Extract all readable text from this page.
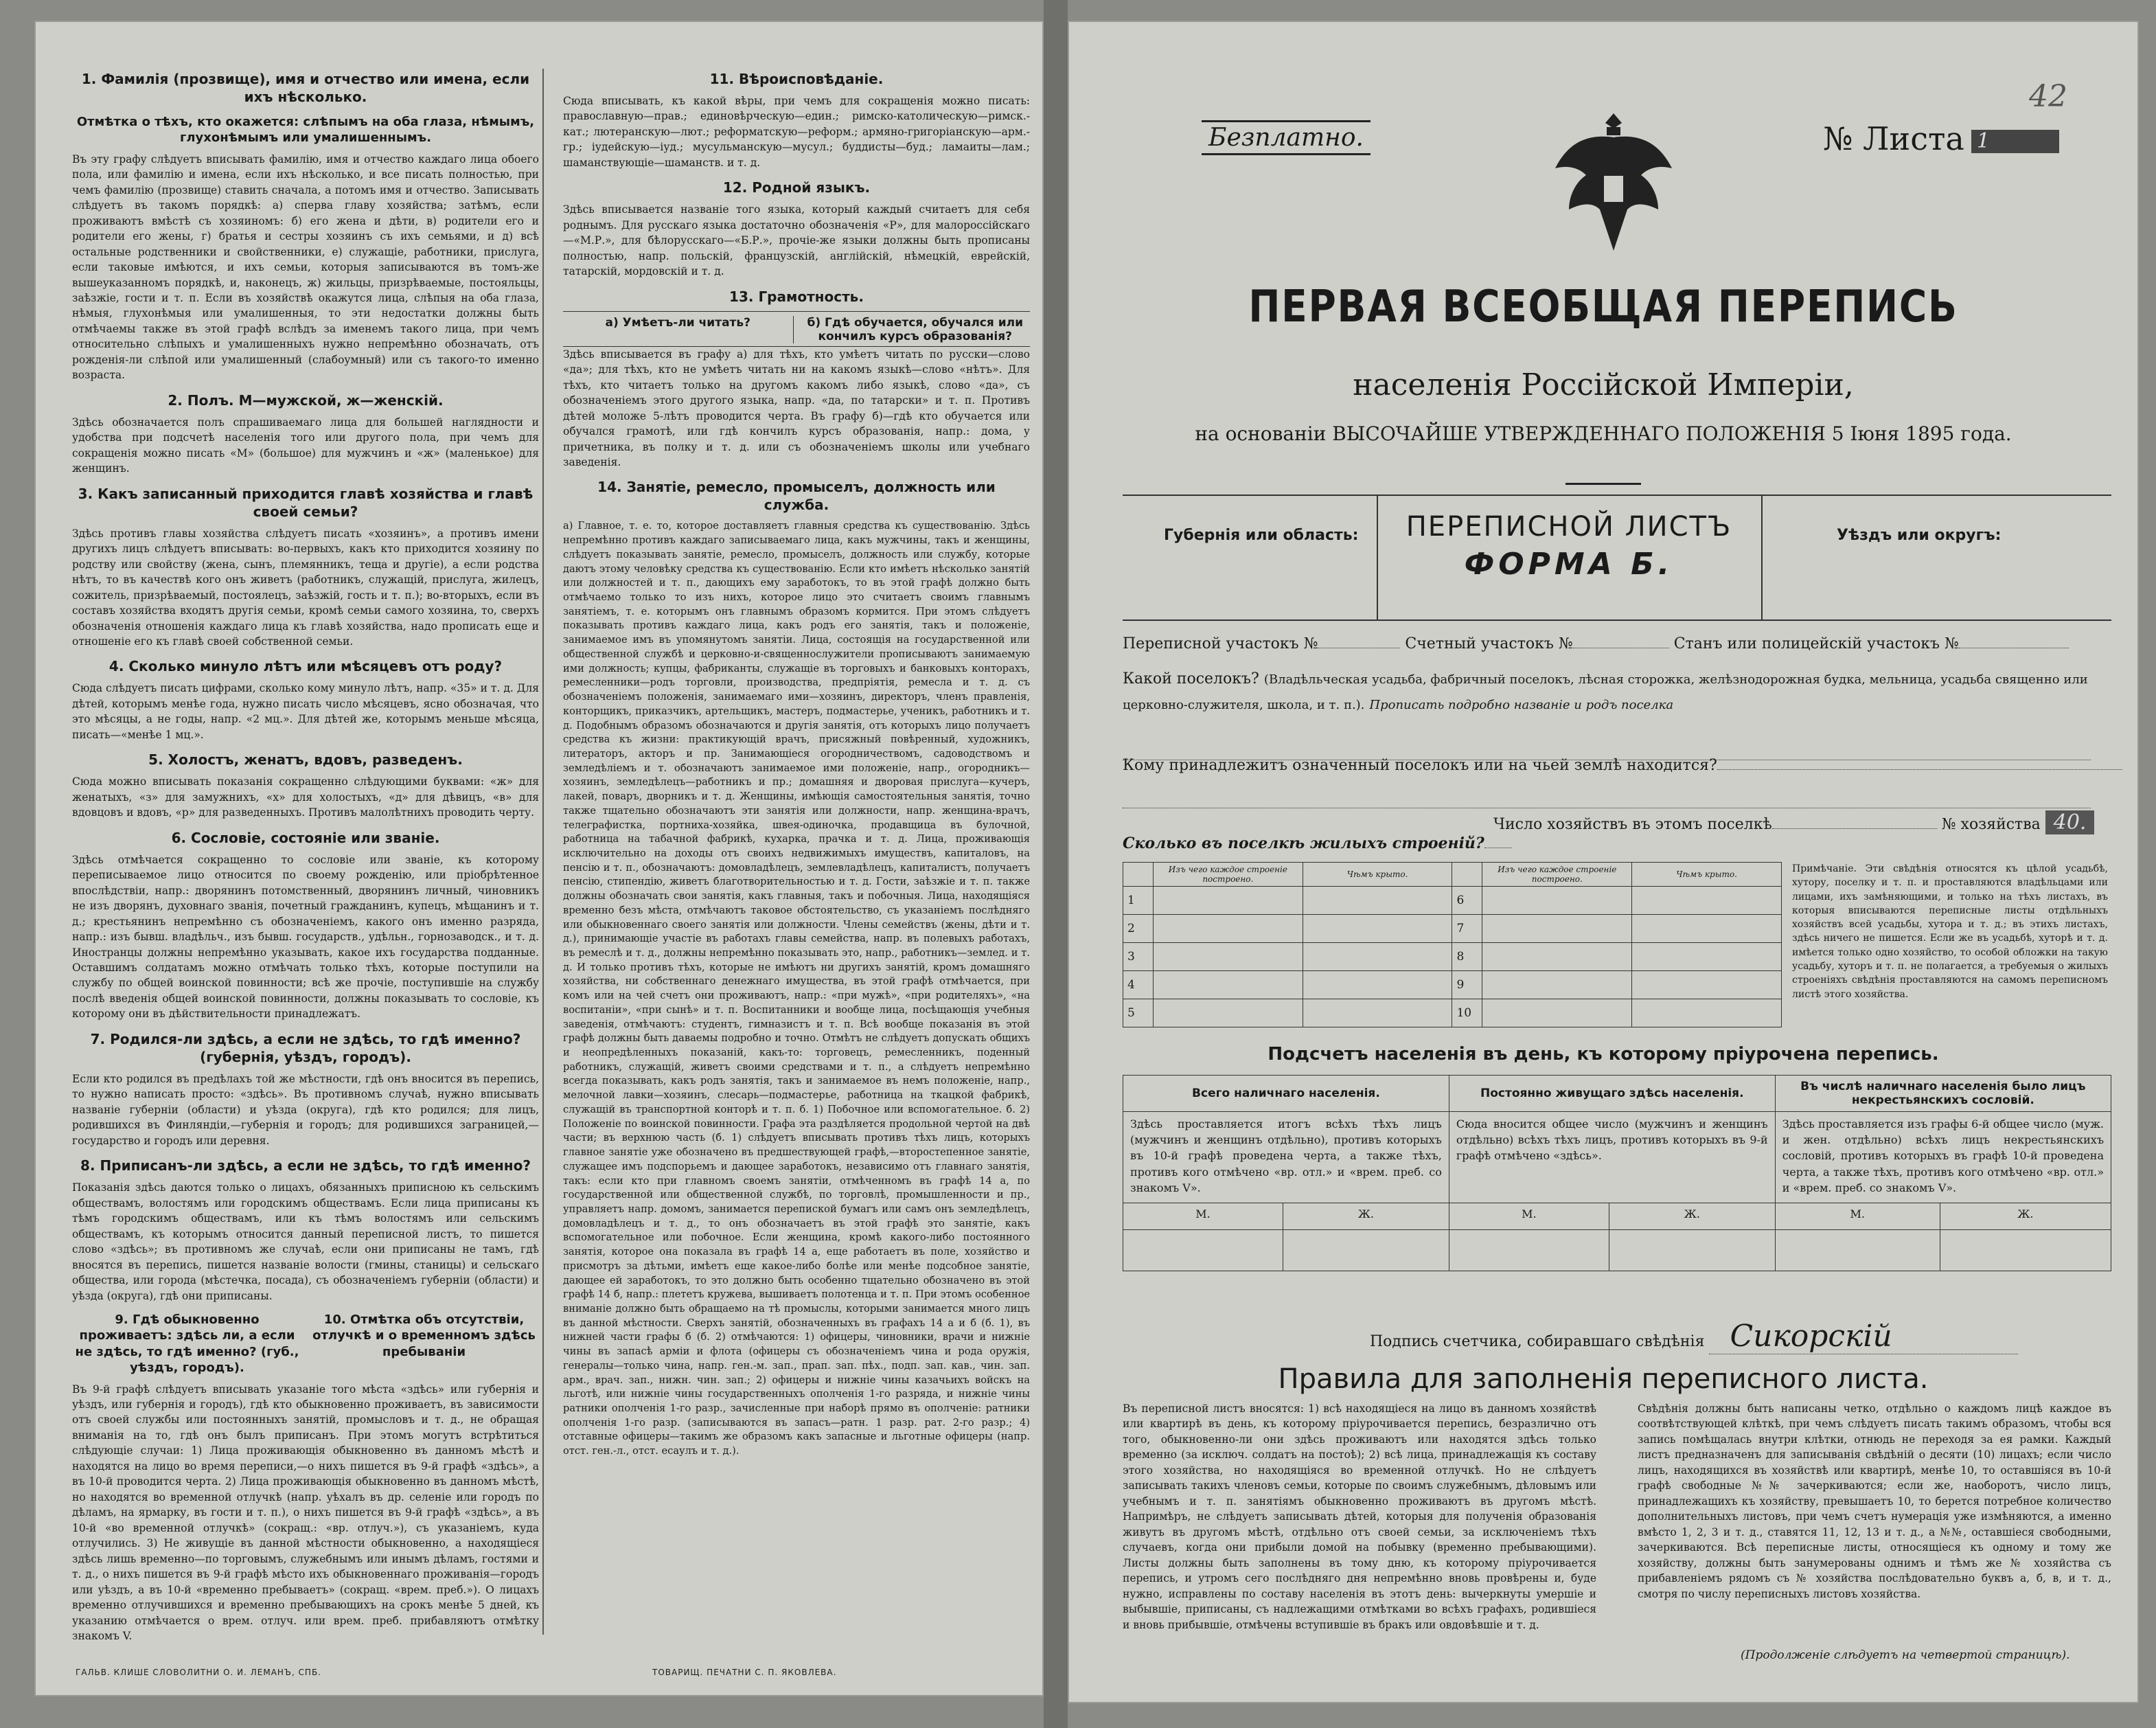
1. Фамилія (прозвище), имя и отчество или имена, если ихъ нѣсколько.
Отмѣтка о тѣхъ, кто окажется: слѣпымъ на оба глаза, нѣмымъ, глухонѣмымъ или умалишеннымъ.

Въ эту графу слѣдуетъ вписывать фамилію, имя и отчество каждаго лица обоего пола, или фамилію и имена, если ихъ нѣсколько, и все писать полностью, при чемъ фамилію (прозвище) ставить сначала, а потомъ имя и отчество. Записывать слѣдуетъ въ такомъ порядкѣ: а) сперва главу хозяйства; затѣмъ, если проживаютъ вмѣстѣ съ хозяиномъ: б) его жена и дѣти, в) родители его и родители его жены, г) братья и сестры хозяинъ съ ихъ семьями, и д) всѣ остальные родственники и свойственники, е) служащіе, работники, прислуга, если таковые имѣются, и ихъ семьи, которыя записываются въ томъ-же вышеуказанномъ порядкѣ, и, наконецъ, ж) жильцы, призрѣваемые, постояльцы, заѣзжіе, гости и т. п. Если въ хозяйствѣ окажутся лица, слѣпыя на оба глаза, нѣмыя, глухонѣмыя или умалишенныя, то эти недостатки должны быть отмѣчаемы также въ этой графѣ вслѣдъ за именемъ такого лица, при чемъ относительно слѣпыхъ и умалишенныхъ нужно непремѣнно обозначать, отъ рожденія-ли слѣпой или умалишенный (слабоумный) или съ такого-то именно возраста.

2. Полъ. М—мужской, ж—женскій.

Здѣсь обозначается полъ спрашиваемаго лица для большей наглядности и удобства при подсчетѣ населенія того или другого пола, при чемъ для сокращенія можно писать «М» (большое) для мужчинъ и «ж» (маленькое) для женщинъ.

3. Какъ записанный приходится главѣ хозяйства и главѣ своей семьи?

Здѣсь противъ главы хозяйства слѣдуетъ писать «хозяинъ», а противъ имени другихъ лицъ слѣдуетъ вписывать: во-первыхъ, какъ кто приходится хозяину по родству или свойству (жена, сынъ, племянникъ, теща и другіе), а если родства нѣтъ, то въ качествѣ кого онъ живетъ (работникъ, служащій, прислуга, жилецъ, сожитель, призрѣваемый, постоялецъ, заѣзжій, гость и т. п.); во-вторыхъ, если въ составъ хозяйства входятъ другія семьи, кромѣ семьи самого хозяина, то, сверхъ обозначенія отношенія каждаго лица къ главѣ хозяйства, надо прописать еще и отношеніе его къ главѣ своей собственной семьи.

4. Сколько минуло лѣтъ или мѣсяцевъ отъ роду?

Сюда слѣдуетъ писать цифрами, сколько кому минуло лѣтъ, напр. «35» и т. д. Для дѣтей, которымъ менѣе года, нужно писать число мѣсяцевъ, ясно обозначая, что это мѣсяцы, а не годы, напр. «2 мц.». Для дѣтей же, которымъ меньше мѣсяца, писать—«менѣе 1 мц.».

5. Холостъ, женатъ, вдовъ, разведенъ.

Сюда можно вписывать показанія сокращенно слѣдующими буквами: «ж» для женатыхъ, «з» для замужнихъ, «х» для холостыхъ, «д» для дѣвицъ, «в» для вдовцовъ и вдовъ, «р» для разведенныхъ. Противъ малолѣтнихъ проводить черту.

6. Сословіе, состояніе или званіе.

Здѣсь отмѣчается сокращенно то сословіе или званіе, къ которому переписываемое лицо относится по своему рожденію, или пріобрѣтенное впослѣдствіи, напр.: дворянинъ потомственный, дворянинъ личный, чиновникъ не изъ дворянъ, духовнаго званія, почетный гражданинъ, купецъ, мѣщанинъ и т. д.; крестьянинъ непремѣнно съ обозначеніемъ, какого онъ именно разряда, напр.: изъ бывш. владѣльч., изъ бывш. государств., удѣльн., горнозаводск., и т. д. Иностранцы должны непремѣнно указывать, какое ихъ государства подданные. Оставшимъ солдатамъ можно отмѣчать только тѣхъ, которые поступили на службу по общей воинской повинности; всѣ же прочіе, поступившіе на службу послѣ введенія общей воинской повинности, должны показывать то сословіе, къ которому они въ дѣйствительности принадлежатъ.

7. Родился-ли здѣсь, а если не здѣсь, то гдѣ именно? (губернія, уѣздъ, городъ).

Если кто родился въ предѣлахъ той же мѣстности, гдѣ онъ вносится въ перепись, то нужно написать просто: «здѣсь». Въ противномъ случаѣ, нужно вписывать названіе губерніи (области) и уѣзда (округа), гдѣ кто родился; для лицъ, родившихся въ Финляндіи,—губернія и городъ; для родившихся заграницей,—государство и городъ или деревня.

8. Приписанъ-ли здѣсь, а если не здѣсь, то гдѣ именно?

Показанія здѣсь даются только о лицахъ, обязанныхъ приписною къ сельскимъ обществамъ, волостямъ или городскимъ обществамъ. Если лица приписаны къ тѣмъ городскимъ обществамъ, или къ тѣмъ волостямъ или сельскимъ обществамъ, къ которымъ относится данный переписной листъ, то пишется слово «здѣсь»; въ противномъ же случаѣ, если они приписаны не тамъ, гдѣ вносятся въ перепись, пишется названіе волости (гмины, станицы) и сельскаго общества, или города (мѣстечка, посада), съ обозначеніемъ губерніи (области) и уѣзда (округа), гдѣ они приписаны.

9. Гдѣ обыкновенно проживаетъ: здѣсь ли, а если не здѣсь, то гдѣ именно? (губ., уѣздъ, городъ).
10. Отмѣтка объ отсутствіи, отлучкѣ и о временномъ здѣсь пребываніи

Въ 9-й графѣ слѣдуетъ вписывать указаніе того мѣста «здѣсь» или губернія и уѣздъ, или губернія и городъ), гдѣ кто обыкновенно проживаетъ, въ зависимости отъ своей службы или постоянныхъ занятій, промысловъ и т. д., не обращая вниманія на то, гдѣ онъ былъ приписанъ. При этомъ могутъ встрѣтиться слѣдующіе случаи: 1) Лица проживающія обыкновенно въ данномъ мѣстѣ и находятся на лицо во время переписи,—о нихъ пишется въ 9-й графѣ «здѣсь», а въ 10-й проводится черта. 2) Лица проживающія обыкновенно въ данномъ мѣстѣ, но находятся во временной отлучкѣ (напр. уѣхалъ въ др. селеніе или городъ по дѣламъ, на ярмарку, въ гости и т. п.), о нихъ пишется въ 9-й графѣ «здѣсь», а въ 10-й «во временной отлучкѣ» (сокращ.: «вр. отлуч.»), съ указаніемъ, куда отлучились. 3) Не живущіе въ данной мѣстности обыкновенно, а находящіеся здѣсь лишь временно—по торговымъ, служебнымъ или инымъ дѣламъ, гостями и т. д., о нихъ пишется въ 9-й графѣ мѣсто ихъ обыкновеннаго проживанія—городъ или уѣздъ, а въ 10-й «временно пребываетъ» (сокращ. «врем. преб.»). О лицахъ временно отлучившихся и временно пребывающихъ на срокъ менѣе 5 дней, къ указанию отмѣчается о врем. отлуч. или врем. преб. прибавляютъ отмѣтку знакомъ V.

11. Вѣроисповѣданіе.

Сюда вписывать, къ какой вѣры, при чемъ для сокращенія можно писать: православную—прав.; единовѣрческую—един.; римско-католическую—римск.-кат.; лютеранскую—лют.; реформатскую—реформ.; армяно-григоріанскую—арм.-гр.; іудейскую—іуд.; мусульманскую—мусул.; буддисты—буд.; ламаиты—лам.; шаманствующіе—шаманств. и т. д.

12. Родной языкъ.

Здѣсь вписывается названіе того языка, который каждый считаетъ для себя роднымъ. Для русскаго языка достаточно обозначенія «Р», для малороссійскаго—«М.Р.», для бѣлорусскаго—«Б.Р.», прочіе-же языки должны быть прописаны полностью, напр. польскій, французскій, англійскій, нѣмецкій, еврейскій, татарскій, мордовскій и т. д.

13. Грамотность.
а) Умѣетъ-ли читать?	б) Гдѣ обучается, обучался или кончилъ курсъ образованія?

Здѣсь вписывается въ графу а) для тѣхъ, кто умѣетъ читать по русски—слово «да»; для тѣхъ, кто не умѣетъ читать ни на какомъ языкѣ—слово «нѣтъ». Для тѣхъ, кто читаетъ только на другомъ какомъ либо языкѣ, слово «да», съ обозначеніемъ этого другого языка, напр. «да, по татарски» и т. п. Противъ дѣтей моложе 5-лѣтъ проводится черта. Въ графу б)—гдѣ кто обучается или обучался грамотѣ, или гдѣ кончилъ курсъ образованія, напр.: дома, у причетника, въ полку и т. д. или съ обозначеніемъ школы или учебнаго заведенія.

14. Занятіе, ремесло, промыселъ, должность или служба.

а) Главное, т. е. то, которое доставляетъ главныя средства къ существованію. Здѣсь непремѣнно противъ каждаго записываемаго лица, какъ мужчины, такъ и женщины, слѣдуетъ показывать занятіе, ремесло, промыселъ, должность или службу, которые даютъ этому человѣку средства къ существованію. Если кто имѣетъ нѣсколько занятій или должностей и т. п., дающихъ ему заработокъ, то въ этой графѣ должно быть отмѣчаемо только то изъ нихъ, которое лицо это считаетъ своимъ главнымъ занятіемъ, т. е. которымъ онъ главнымъ образомъ кормится. При этомъ слѣдуетъ показывать противъ каждаго лица, какъ родъ его занятія, такъ и положеніе, занимаемое имъ въ упомянутомъ занятіи. Лица, состоящія на государственной или общественной службѣ и церковно-и-священнослужители прописываютъ занимаемую ими должность; купцы, фабриканты, служащіе въ торговыхъ и банковыхъ конторахъ, ремесленники—родъ торговли, производства, предпріятія, ремесла и т. д. съ обозначеніемъ положенія, занимаемаго ими—хозяинъ, директоръ, членъ правленія, конторщикъ, приказчикъ, артельщикъ, мастеръ, подмастерье, ученикъ, работникъ и т. д. Подобнымъ образомъ обозначаются и другія занятія, отъ которыхъ лицо получаетъ средства къ жизни: практикующій врачъ, присяжный повѣренный, художникъ, литераторъ, акторъ и пр. Занимающіеся огородничествомъ, садоводствомъ и земледѣліемъ и т. обозначаютъ занимаемое ими положеніе, напр., огородникъ—хозяинъ, земледѣлецъ—работникъ и пр.; домашняя и дворовая прислуга—кучеръ, лакей, поваръ, дворникъ и т. д. Женщины, имѣющія самостоятельныя занятія, точно также тщательно обозначаютъ эти занятія или должности, напр. женщина-врачъ, телеграфистка, портниха-хозяйка, швея-одиночка, продавщица въ булочной, работница на табачной фабрикѣ, кухарка, прачка и т. д. Лица, проживающія исключительно на доходы отъ своихъ недвижимыхъ имуществъ, капиталовъ, на пенсію и т. п., обозначаютъ: домовладѣлецъ, землевладѣлецъ, капиталистъ, получаетъ пенсію, стипендію, живетъ благотворительностью и т. д. Гости, заѣзжіе и т. п. также должны обозначать свои занятія, какъ главныя, такъ и побочныя. Лица, находящіяся временно безъ мѣста, отмѣчаютъ таковое обстоятельство, съ указаніемъ послѣдняго или обыкновеннаго своего занятія или должности. Члены семействъ (жены, дѣти и т. д.), принимающіе участіе въ работахъ главы семейства, напр. въ полевыхъ работахъ, въ ремеслѣ и т. д., должны непремѣнно показывать это, напр., работникъ—землед. и т. д. И только противъ тѣхъ, которые не имѣютъ ни другихъ занятій, кромъ домашняго хозяйства, ни собственнаго денежнаго имущества, въ этой графѣ отмѣчается, при комъ или на чей счетъ они проживаютъ, напр.: «при мужѣ», «при родителяхъ», «на воспитаніи», «при сынѣ» и т. п. Воспитанники и вообще лица, посѣщающія учебныя заведенія, отмѣчаютъ: студентъ, гимназистъ и т. п. Всѣ вообще показанія въ этой графѣ должны быть даваемы подробно и точно. Отмѣтъ не слѣдуетъ допускать общихъ и неопредѣленныхъ показаній, какъ-то: торговецъ, ремесленникъ, поденный работникъ, служащій, живетъ своими средствами и т. п., а слѣдуетъ непремѣнно всегда показывать, какъ родъ занятія, такъ и занимаемое въ немъ положеніе, напр., мелочной лавки—хозяинъ, слесарь—подмастерье, работница на ткацкой фабрикѣ, служащій въ транспортной конторѣ и т. п. б. 1) Побочное или вспомогательное. б. 2) Положеніе по воинской повинности. Графа эта раздѣляется продольной чертой на двѣ части; въ верхнюю часть (б. 1) слѣдуетъ вписывать противъ тѣхъ лицъ, которыхъ главное занятіе уже обозначено въ предшествующей графѣ,—второстепенное занятіе, служащее имъ подспорьемъ и дающее заработокъ, независимо отъ главнаго занятія, такъ: если кто при главномъ своемъ занятіи, отмѣченномъ въ графѣ 14 а, по государственной или общественной службѣ, по торговлѣ, промышленности и пр., управляетъ напр. домомъ, занимается перепиской бумагъ или самъ онъ земледѣлецъ, домовладѣлецъ и т. д., то онъ обозначаетъ въ этой графѣ это занятіе, какъ вспомогательное или побочное. Если женщина, кромѣ какого-либо постоянного занятія, которое она показала въ графѣ 14 а, еще работаетъ въ поле, хозяйство и присмотръ за дѣтьми, имѣетъ еще какое-либо болѣе или менѣе подсобное занятіе, дающее ей заработокъ, то это должно быть особенно тщательно обозначено въ этой графѣ 14 б, напр.: плететъ кружева, вышиваетъ полотенца и т. п. При этомъ особенное вниманіе должно быть обращаемо на тѣ промыслы, которыми занимается много лицъ въ данной мѣстности. Сверхъ занятій, обозначенныхъ въ графахъ 14 а и б (б. 1), въ нижней части графы б (б. 2) отмѣчаются: 1) офицеры, чиновники, врачи и нижніе чины въ запасѣ арміи и флота (офицеры съ обозначеніемъ чина и рода оружія, генералы—только чина, напр. ген.-м. зап., прап. зап. пѣх., подп. зап. кав., чин. зап. арм., врач. зап., нижн. чин. зап.; 2) офицеры и нижніе чины казачьихъ войскъ на льготѣ, или нижніе чины государственныхъ ополченія 1-го разряда, и нижніе чины ратники ополченія 1-го разр., зачисленные при наборѣ прямо въ ополченіе: ратники ополченія 1-го разр. (записываются въ запасъ—ратн. 1 разр. рат. 2-го разр.; 4) отставные офицеры—такимъ же образомъ какъ запасные и льготные офицеры (напр. отст. ген.-л., отст. есаулъ и т. д.).

ГАЛЬВ. КЛИШЕ СЛОВОЛИТНИ О. И. ЛЕМАНЪ, СПБ.	ТОВАРИЩ. ПЕЧАТНИ С. П. ЯКОВЛЕВА.
Безплатно.	№ Листа 1
42
ПЕРВАЯ ВСЕОБЩАЯ ПЕРЕПИСЬ
населенія Россійской Имперіи,
на основаніи ВЫСОЧАЙШЕ УТВЕРЖДЕННАГО ПОЛОЖЕНІЯ 5 Іюня 1895 года.
Губернія или область:	ПЕРЕПИСНОЙ ЛИСТЪ
ФОРМА Б.
Уѣздъ или округъ:
Переписной участокъ №	Счетный участокъ №	Станъ или полицейскій участокъ №
Какой поселокъ? (Владѣльческая усадьба, фабричный поселокъ, лѣсная сторожка, желѣзнодорожная будка, мельница, усадьба священно или церковно-служителя, школа, и т. п.). Прописать подробно названіе и родъ поселка
Кому принадлежитъ означенный поселокъ или на чьей землѣ находится?
Число хозяйствъ въ этомъ поселкѣ	№ хозяйства 40.
Сколько въ поселкѣ жилыхъ строеній?
	Изъ чего каждое строеніе построено.	Чѣмъ крыто.		Изъ чего каждое строеніе построено.	Чѣмъ крыто.
1			6		
2			7		
3			8		
4			9		
5			10		
Примѣчаніе. Эти свѣдѣнія относятся къ цѣлой усадьбѣ, хутору, поселку и т. п. и проставляются владѣльцами или лицами, ихъ замѣняющими, и только на тѣхъ листахъ, въ которыя вписываются переписные листы отдѣльныхъ хозяйствъ всей усадьбы, хутора и т. д.; въ этихъ листахъ, здѣсь ничего не пишется. Если же въ усадьбѣ, хуторѣ и т. д. имѣется только одно хозяйство, то особой обложки на такую усадьбу, хуторъ и т. п. не полагается, а требуемыя о жилыхъ строеніяхъ свѣдѣнія проставляются на самомъ переписномъ листѣ этого хозяйства.
Подсчетъ населенія въ день, къ которому пріурочена перепись.
Всего наличнаго населенія.		Постоянно живущаго здѣсь населенія.		Въ числѣ наличнаго населенія было лицъ некрестьянскихъ сословій.	
Здѣсь проставляется итогъ всѣхъ тѣхъ лицъ (мужчинъ и женщинъ отдѣльно), противъ которыхъ въ 10-й графѣ проведена черта, а также тѣхъ, противъ кого отмѣчено «вр. отл.» и «врем. преб. со знакомъ V».		Сюда вносится общее число (мужчинъ и женщинъ отдѣльно) всѣхъ тѣхъ лицъ, противъ которыхъ въ 9-й графѣ отмѣчено «здѣсь».		Здѣсь проставляется изъ графы 6-й общее число (муж. и жен. отдѣльно) всѣхъ лицъ некрестьянскихъ сословій, противъ которыхъ въ графѣ 10-й проведена черта, а также тѣхъ, противъ кого отмѣчено «вр. отл.» и «врем. преб. со знакомъ V».	
М.	Ж.	М.	Ж.	М.	Ж.

Подпись счетчика, собиравшаго свѣдѣнія Сикорскій
Правила для заполненія переписного листа.
Въ переписной листъ вносятся: 1) всѣ находящіеся на лицо въ данномъ хозяйствѣ или квартирѣ въ день, къ которому пріурочивается перепись, безразлично отъ того, обыкновенно-ли они здѣсь проживаютъ или находятся здѣсь только временно (за исключ. солдатъ на постоѣ); 2) всѣ лица, принадлежащія къ составу этого хозяйства, но находящіяся во временной отлучкѣ. Но не слѣдуетъ записывать такихъ членовъ семьи, которые по своимъ служебнымъ, дѣловымъ или учебнымъ и т. п. занятіямъ обыкновенно проживаютъ въ другомъ мѣстѣ. Напримѣръ, не слѣдуетъ записывать дѣтей, которыя для полученія образованія живутъ въ другомъ мѣстѣ, отдѣльно отъ своей семьи, за исключеніемъ тѣхъ случаевъ, когда они прибыли домой на побывку (временно пребывающими). Листы должны быть заполнены въ тому дню, къ которому пріурочивается перепись, и утромъ сего послѣдняго дня непремѣнно вновь провѣрены и, буде нужно, исправлены по составу населенія въ этотъ день: вычеркнуты умершіе и выбывшіе, приписаны, съ надлежащими отмѣтками во всѣхъ графахъ, родившіеся и вновь прибывшіе, отмѣчены вступившіе въ бракъ или овдовѣвшіе и т. д.
Свѣдѣнія должны быть написаны четко, отдѣльно о каждомъ лицѣ каждое въ соотвѣтствующей клѣткѣ, при чемъ слѣдуетъ писать такимъ образомъ, чтобы вся запись помѣщалась внутри клѣтки, отнюдь не переходя за ея рамки. Каждый листъ предназначенъ для записыванія свѣдѣній о десяти (10) лицахъ; если число лицъ, находящихся въ хозяйствѣ или квартирѣ, менѣе 10, то оставшіяся въ 10-й графѣ свободные №№ зачеркиваются; если же, наоборотъ, число лицъ, принадлежащихъ къ хозяйству, превышаетъ 10, то берется потребное количество дополнительныхъ листовъ, при чемъ счетъ нумерація уже измѣняются, а именно вмѣсто 1, 2, 3 и т. д., ставятся 11, 12, 13 и т. д., а №№, оставшіеся свободными, зачеркиваются. Всѣ переписные листы, относящіеся къ одному и тому же хозяйству, должны быть занумерованы однимъ и тѣмъ же № хозяйства съ прибавленіемъ рядомъ съ № хозяйства послѣдовательно буквъ а, б, в, и т. д., смотря по числу переписныхъ листовъ хозяйства.
(Продолженіе слѣдуетъ на четвертой страницѣ).
